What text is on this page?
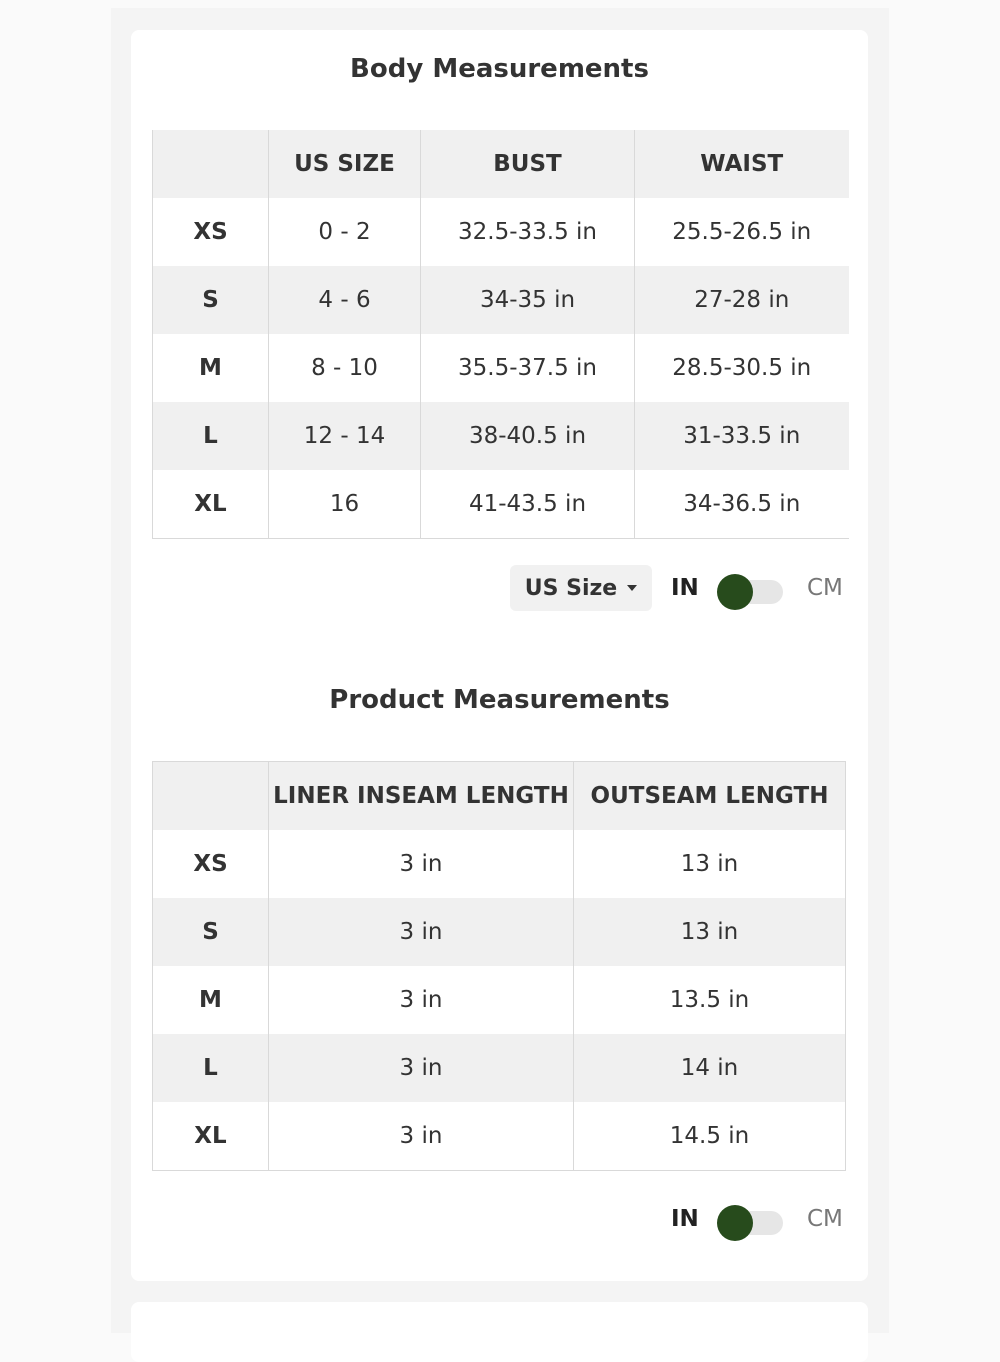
Body Measurements
	US SIZE	BUST	WAIST
XS	0 - 2	32.5-33.5 in	25.5-26.5 in
S	4 - 6	34-35 in	27-28 in
M	8 - 10	35.5-37.5 in	28.5-30.5 in
L	12 - 14	38-40.5 in	31-33.5 in
XL	16	41-43.5 in	34-36.5 in
US Size IN	CM
Product Measurements
	LINER INSEAM LENGTH	OUTSEAM LENGTH
XS	3 in	13 in
S	3 in	13 in
M	3 in	13.5 in
L	3 in	14 in
XL	3 in	14.5 in
IN	CM
